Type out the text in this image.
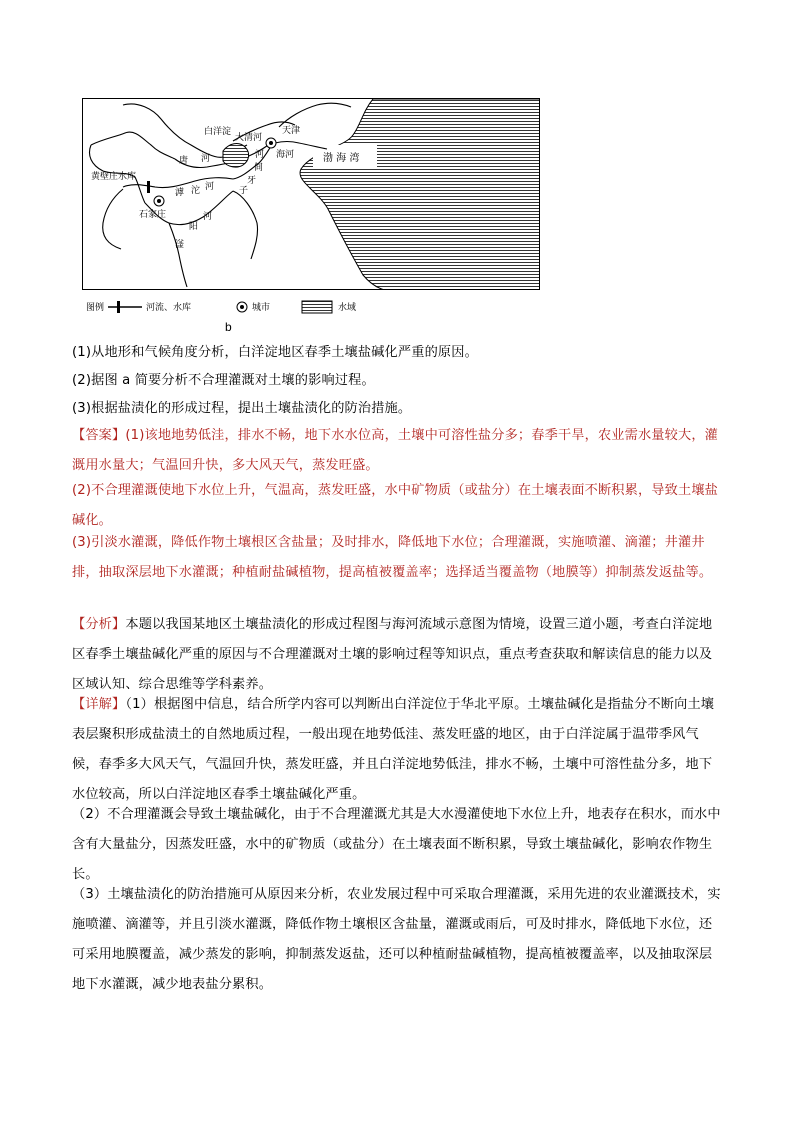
渤 海 湾
天津
白洋淀
大清河
海河
唐 河	河
间
牙
子
黄壁庄水库
石家庄
滹 沱 河
河
阳
滏
图例	河流、水库	城市	水域
b
(1)从地形和气候角度分析，白洋淀地区春季土壤盐碱化严重的原因。
(2)据图 a 简要分析不合理灌溉对土壤的影响过程。
(3)根据盐渍化的形成过程，提出土壤盐渍化的防治措施。
【答案】(1)该地地势低洼，排水不畅，地下水水位高，土壤中可溶性盐分多；春季干旱，农业需水量较大，灌溉用水量大；气温回升快，多大风天气，蒸发旺盛。
(2)不合理灌溉使地下水位上升，气温高，蒸发旺盛，水中矿物质（或盐分）在土壤表面不断积累，导致土壤盐碱化。
(3)引淡水灌溉，降低作物土壤根区含盐量；及时排水，降低地下水位；合理灌溉，实施喷灌、滴灌；井灌井排，抽取深层地下水灌溉；种植耐盐碱植物，提高植被覆盖率；选择适当覆盖物（地膜等）抑制蒸发返盐等。
【分析】本题以我国某地区土壤盐渍化的形成过程图与海河流域示意图为情境，设置三道小题，考查白洋淀地区春季土壤盐碱化严重的原因与不合理灌溉对土壤的影响过程等知识点，重点考查获取和解读信息的能力以及区域认知、综合思维等学科素养。
【详解】（1）根据图中信息，结合所学内容可以判断出白洋淀位于华北平原。土壤盐碱化是指盐分不断向土壤表层聚积形成盐渍土的自然地质过程，一般出现在地势低洼、蒸发旺盛的地区，由于白洋淀属于温带季风气候，春季多大风天气，气温回升快，蒸发旺盛，并且白洋淀地势低洼，排水不畅，土壤中可溶性盐分多，地下水位较高，所以白洋淀地区春季土壤盐碱化严重。
（2）不合理灌溉会导致土壤盐碱化，由于不合理灌溉尤其是大水漫灌使地下水位上升，地表存在积水，而水中含有大量盐分，因蒸发旺盛，水中的矿物质（或盐分）在土壤表面不断积累，导致土壤盐碱化，影响农作物生长。
（3）土壤盐渍化的防治措施可从原因来分析，农业发展过程中可采取合理灌溉，采用先进的农业灌溉技术，实施喷灌、滴灌等，并且引淡水灌溉，降低作物土壤根区含盐量，灌溉或雨后，可及时排水，降低地下水位，还可采用地膜覆盖，减少蒸发的影响，抑制蒸发返盐，还可以种植耐盐碱植物，提高植被覆盖率，以及抽取深层地下水灌溉，减少地表盐分累积。
